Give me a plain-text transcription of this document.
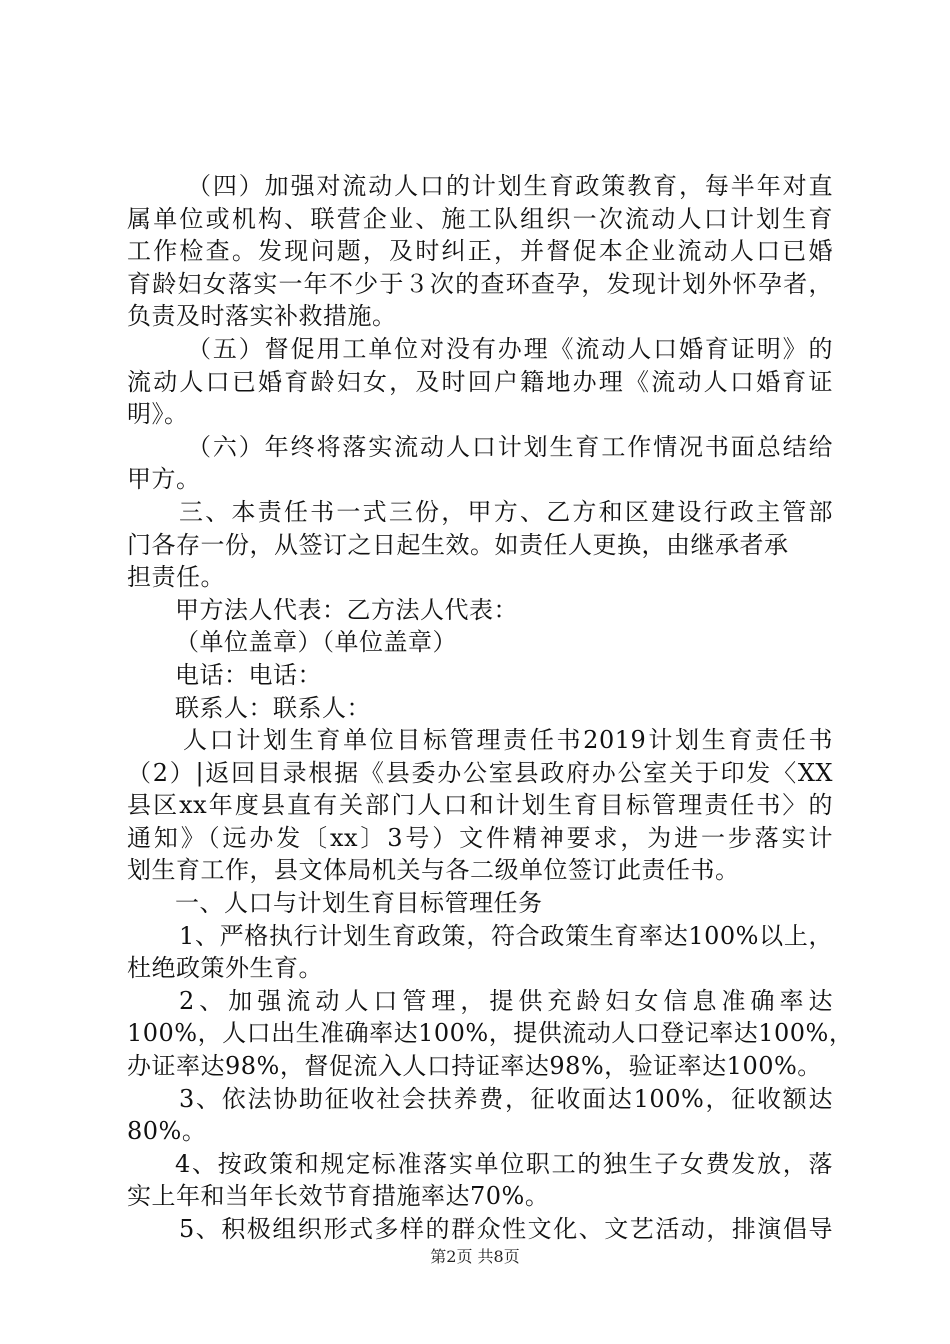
（四）加强对流动人口的计划生育政策教育，每半年对直
属单位或机构、联营企业、施工队组织一次流动人口计划生育
工作检查。发现问题，及时纠正，并督促本企业流动人口已婚
育龄妇女落实一年不少于３次的查环查孕，发现计划外怀孕者，
负责及时落实补救措施。
（五）督促用工单位对没有办理《流动人口婚育证明》的
流动人口已婚育龄妇女，及时回户籍地办理《流动人口婚育证
明》。
（六）年终将落实流动人口计划生育工作情况书面总结给
甲方。
三、本责任书一式三份，甲方、乙方和区建设行政主管部
门各存一份，从签订之日起生效。如责任人更换，由继承者承
担责任。
甲方法人代表：乙方法人代表：
（单位盖章）（单位盖章）
电话：电话：
联系人：联系人：
人口计划生育单位目标管理责任书2019计划生育责任书
（2）|返回目录根据《县委办公室县政府办公室关于印发〈XX
县区xx年度县直有关部门人口和计划生育目标管理责任书〉的
通知》（远办发〔xx〕3号）文件精神要求，为进一步落实计
划生育工作，县文体局机关与各二级单位签订此责任书。
一、人口与计划生育目标管理任务
1、严格执行计划生育政策，符合政策生育率达100%以上，
杜绝政策外生育。
2、加强流动人口管理，提供充龄妇女信息准确率达
100%，人口出生准确率达100%，提供流动人口登记率达100%，
办证率达98%，督促流入人口持证率达98%，验证率达100%。
3、依法协助征收社会扶养费，征收面达100%，征收额达
80%。
4、按政策和规定标准落实单位职工的独生子女费发放，落
实上年和当年长效节育措施率达70%。
5、积极组织形式多样的群众性文化、文艺活动，排演倡导
第2页 共8页
